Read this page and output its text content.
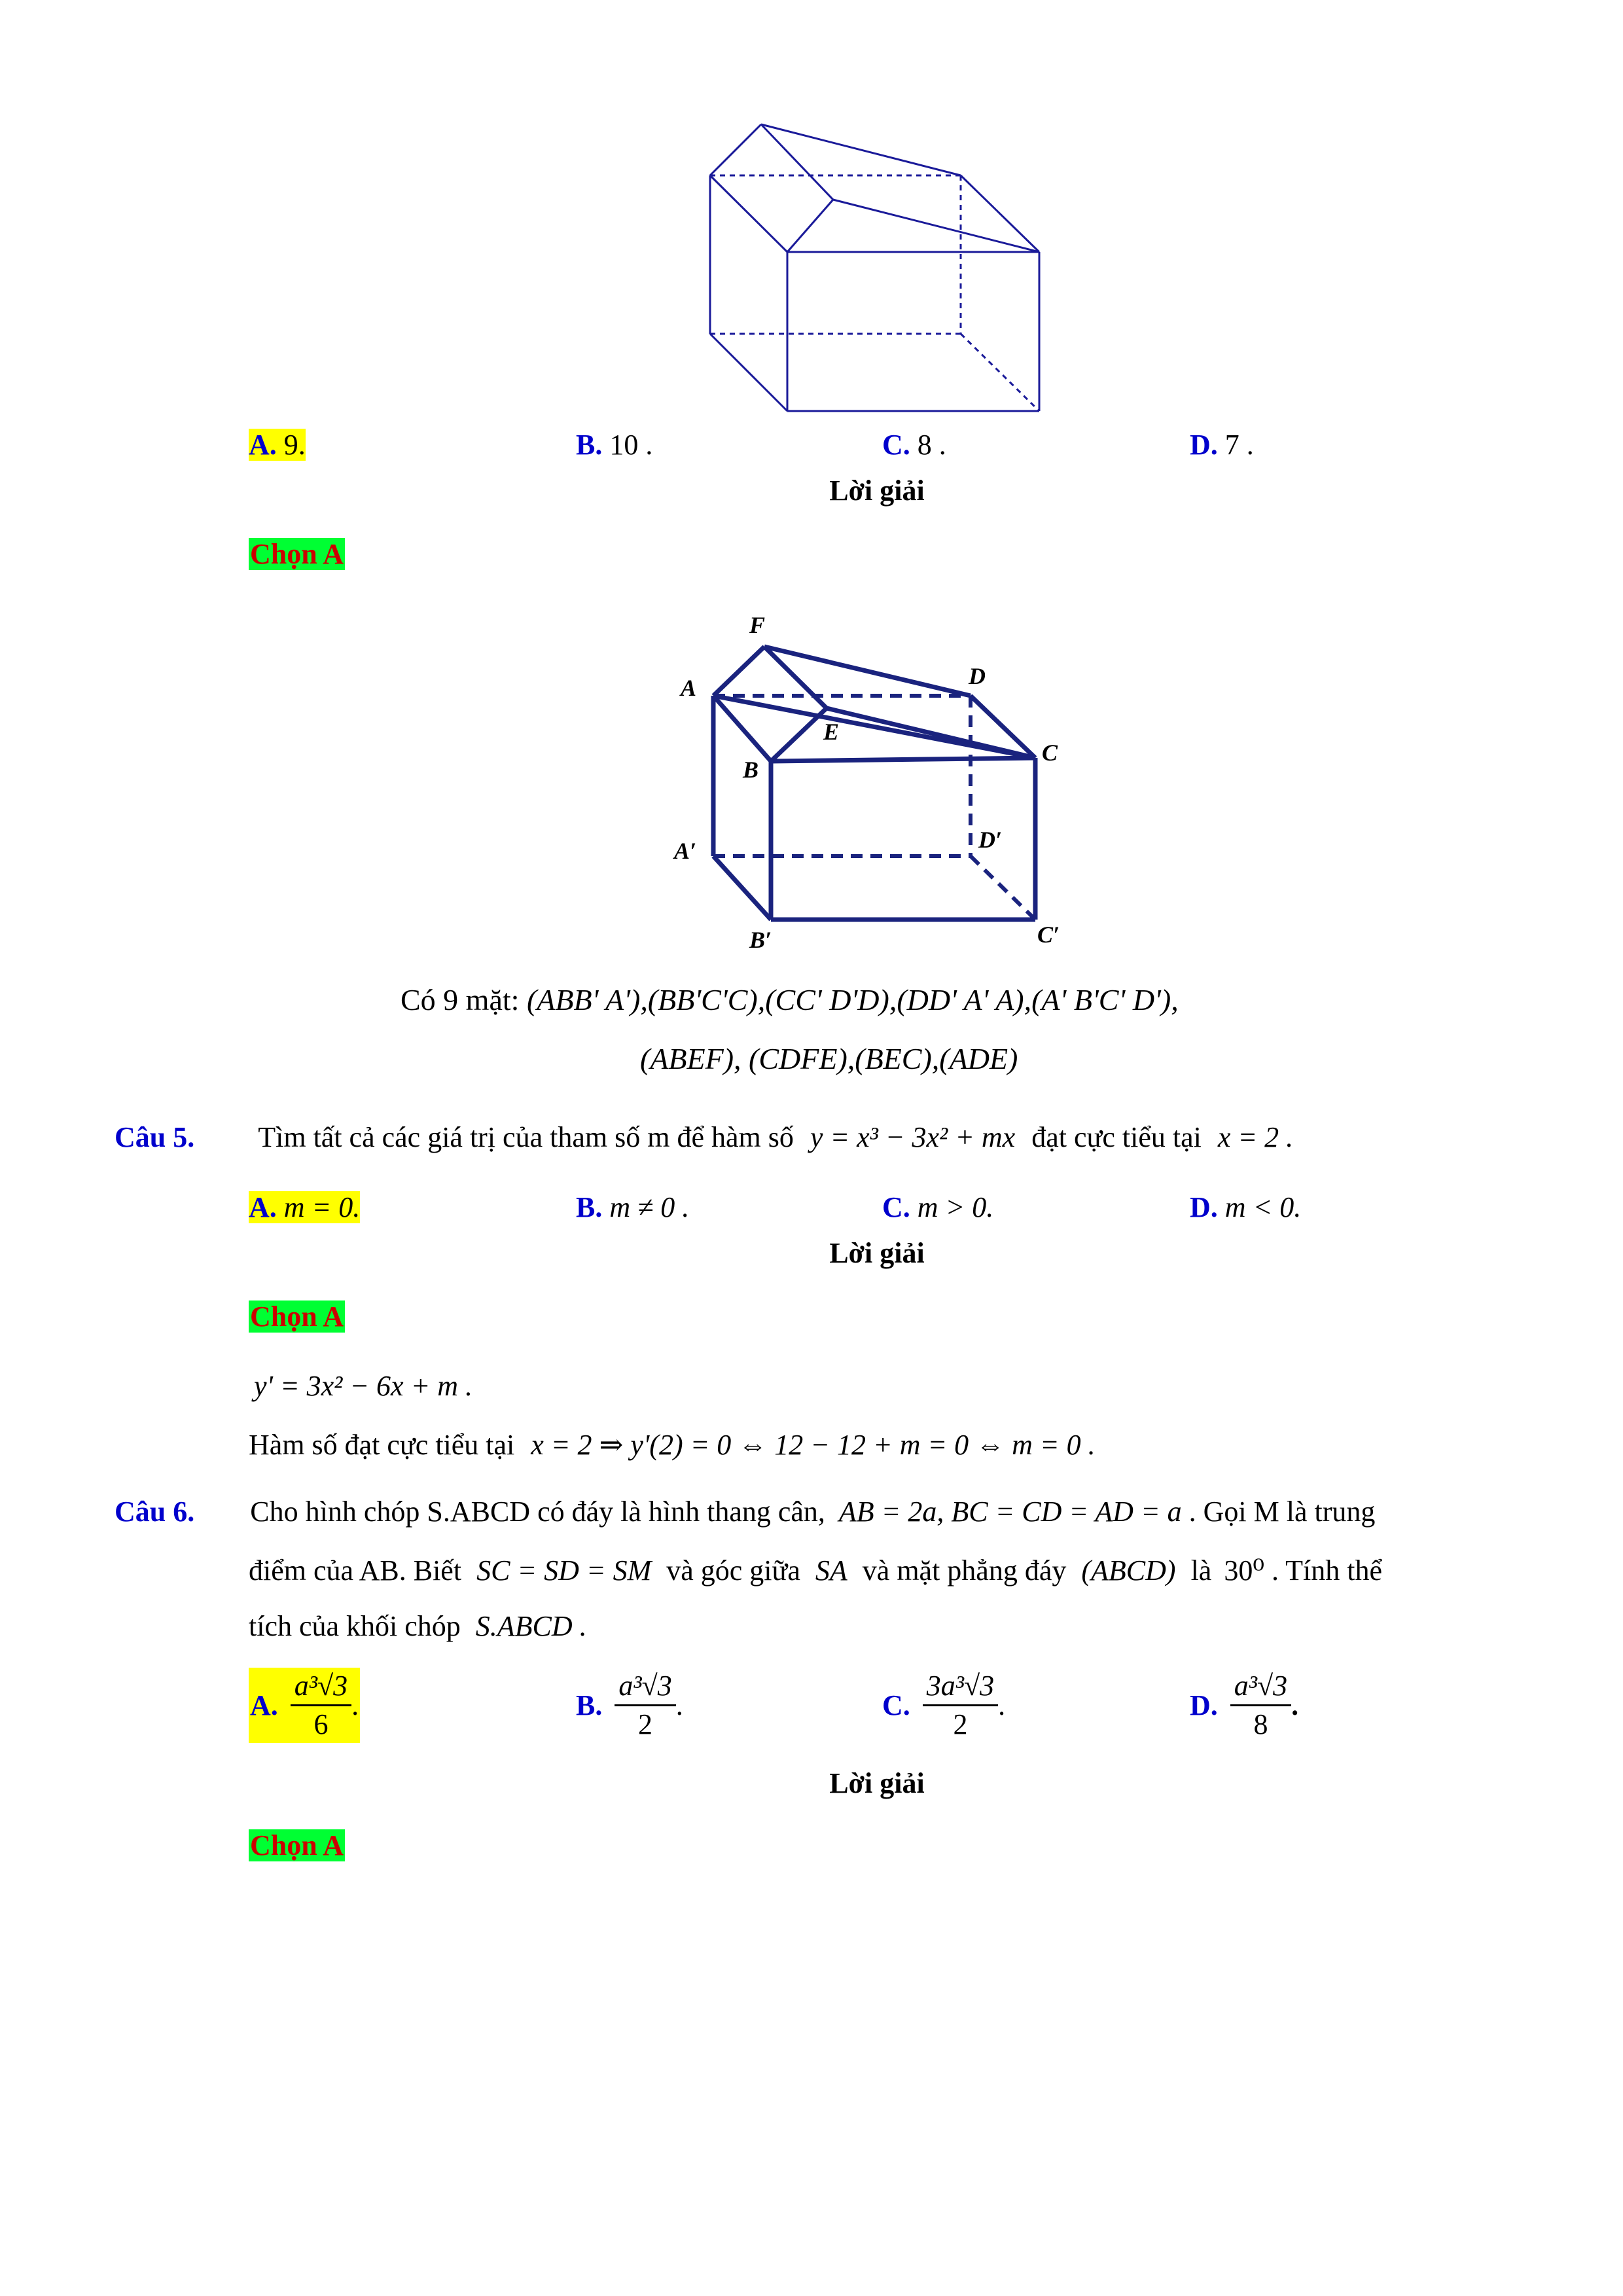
A. 9.	B. 10 .	C. 8 .	D. 7 .
Lời giải
Chọn A
F
A	D
E
B
C
A′	D′
B′	C′
Có 9 mặt: (ABB' A'),(BB'C'C),(CC' D'D),(DD' A' A),(A' B'C' D'),
(ABEF), (CDFE),(BEC),(ADE)
Câu 5. Tìm tất cả các giá trị của tham số m để hàm số y = x³ − 3x² + mx đạt cực tiểu tại x = 2 .
A. m = 0.	B. m ≠ 0 .	C. m > 0.	D. m < 0.
Lời giải
Chọn A
y' = 3x² − 6x + m .
Hàm số đạt cực tiểu tại x = 2 ⇒ y'(2) = 0 ⇔ 12 − 12 + m = 0 ⇔ m = 0 .
Câu 6. Cho hình chóp S.ABCD có đáy là hình thang cân, AB = 2a, BC = CD = AD = a . Gọi M là trung
điểm của AB. Biết SC = SD = SM và góc giữa SA và mặt phẳng đáy (ABCD) là 30⁰ . Tính thể
tích của khối chóp S.ABCD .
A. $\frac{\text{a³√3}}{6}$ .	B. $\frac{\text{a³√3}}{2}$ .	C. $\frac{\text{3a³√3}}{2}$ .	D. $\frac{\text{a³√3}}{8}$ .
Lời giải
Chọn A
